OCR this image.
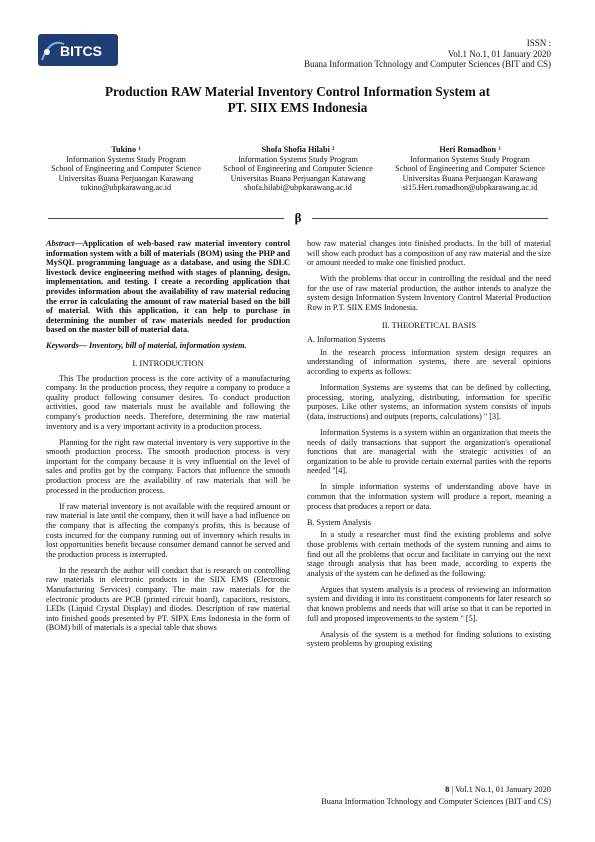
BITCS	ISSN :
Vol.1 No.1, 01 January 2020
Buana Information Tchnology and Computer Sciences (BIT and CS)
Production RAW Material Inventory Control Information System at
PT. SIIX EMS Indonesia
Tukino $^1$
Information Systems Study Program
School of Engineering and Computer Science
Universitas Buana Perjuangan Karawang
tukino@ubpkarawang.ac.id
Shofa Shofia Hilabi $^2$
Information Systems Study Program
School of Engineering and Computer Science
Universitas Buana Perjuangan Karawang
shofa.hilabi@ubpkarawang.ac.id
Heri Romadhon $^3$
Information Systems Study Program
School of Engineering and Computer Science
Universitas Buana Perjuangan Karawang
si15.Heri.romadhon@ubpkarawang.ac.id
β

Abstract—Application of web-based raw material inventory control information system with a bill of materials (BOM) using the PHP and MySQL programming language as a database, and using the SDLC livestock device engineering method with stages of planning, design, implementation, and testing. I create a recording application that provides information about the availability of raw material reducing the error in calculating the amount of raw material based on the bill of material. With this application, it can help to purchase in determining the number of raw materials needed for production based on the master bill of material data.

Keywords— Inventory, bill of material, information system.

I. INTRODUCTION

This The production process is the core activity of a manufacturing company. In the production process, they require a company to produce a quality product following consumer desires. To conduct production activities, good raw materials must be available and following the company's production needs. Therefore, determining the raw material inventory and is a very important activity in a production process.

Planning for the right raw material inventory is very supportive in the smooth production process. The smooth production process is very important for the company because it is very influential on the level of sales and profits got by the company. Factors that influence the smooth production process are the availability of raw materials that will be processed in the production process.

If raw material inventory is not available with the required amount or raw material is late until the company, then it will have a bad influence on the company that is affecting the company's profits, this is because of costs incurred for the company running out of inventory which results in lost opportunities benefit because consumer demand cannot be served and the production process is interrupted.

In the research the author will conduct that is research on controlling raw materials in electronic products in the SIIX EMS (Electronic Manufacturing Services) company. The main raw materials for the electronic products are PCB (printed circuit board), capacitors, resistors, LEDs (Liquid Crystal Display) and diodes. Description of raw material into finished goods presented by PT. SIPX Ems Indonesia in the form of (BOM) bill of materials is a special table that shows

how raw material changes into finished products. In the bill of material will show each product has a composition of any raw material and the size or amount needed to make one finished product.

With the problems that occur in controlling the residual and the need for the use of raw material production, the author intends to analyze the system design Information System Inventory Control Material Production Row in P.T. SIIX EMS Indonesia.

II. THEORETICAL BASIS

A. Information Systems

In the research process information system design requires an understanding of information systems, there are several opinions according to experts as follows:

Information Systems are systems that can be defined by collecting, processing, storing, analyzing, distributing, information for specific purposes. Like other systems, an information system consists of inputs (data, instructions) and outputs (reports, calculations) " [3].

Information Systems is a system within an organization that meets the needs of daily transactions that support the organization's operational functions that are managerial with the strategic activities of an organization to be able to provide certain external parties with the reports needed "[4].

In simple information systems of understanding above have in common that the information system will produce a report, meaning a process that produces a report or data.

B. System Analysis

In a study a researcher must find the existing problems and solve those problems with certain methods of the system running and aims to find out all the problems that occur and facilitate in carrying out the next stage through analysis that has been made, according to experts the analysis of the system can be defined as the following:

Argues that system analysis is a process of reviewing an information system and dividing it into its constituent components for later research so that known problems and needs that will arise so that it can be reported in full and proposed improvements to the system " [5].

Analysis of the system is a method for finding solutions to existing system problems by grouping existing

8 | Vol.1 No.1, 01 January 2020
Buana Information Tchnology and Computer Sciences (BIT and CS)
